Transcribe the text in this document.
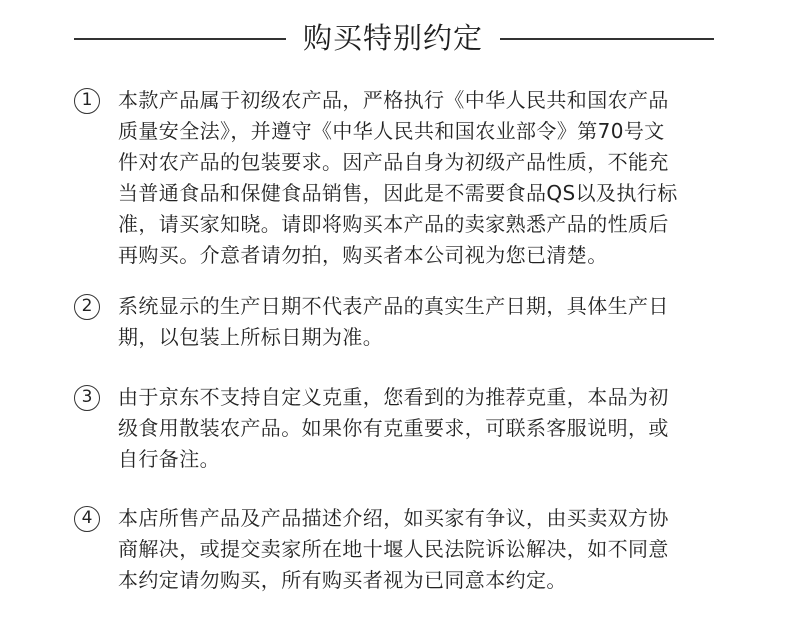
购买特别约定
1	本款产品属于初级农产品，严格执行《中华人民共和国农产品
质量安全法》，并遵守《中华人民共和国农业部令》第70号文
件对农产品的包装要求。因产品自身为初级产品性质，不能充
当普通食品和保健食品销售，因此是不需要食品QS以及执行标
准，请买家知晓。请即将购买本产品的卖家熟悉产品的性质后
再购买。介意者请勿拍，购买者本公司视为您已清楚。
2	系统显示的生产日期不代表产品的真实生产日期，具体生产日
期，以包装上所标日期为准。
3	由于京东不支持自定义克重，您看到的为推荐克重，本品为初
级食用散装农产品。如果你有克重要求，可联系客服说明，或
自行备注。
4	本店所售产品及产品描述介绍，如买家有争议，由买卖双方协
商解决，或提交卖家所在地十堰人民法院诉讼解决，如不同意
本约定请勿购买，所有购买者视为已同意本约定。
